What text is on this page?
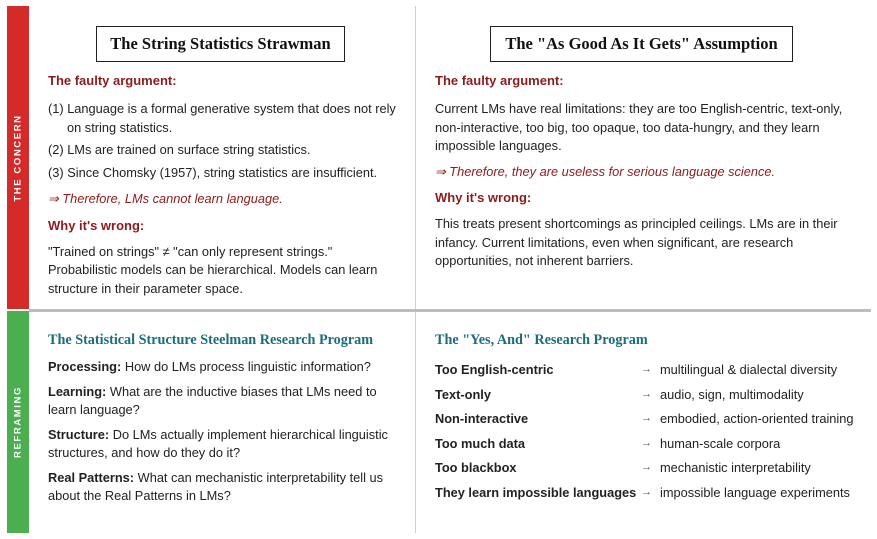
THE CONCERN
REFRAMING
The String Statistics Strawman

The faulty argument:

(1) Language is a formal generative system that does not rely on string statistics.

(2) LMs are trained on surface string statistics.

(3) Since Chomsky (1957), string statistics are insufficient.

⇒ Therefore, LMs cannot learn language.

Why it's wrong:

"Trained on strings" ≠ "can only represent strings." Probabilistic models can be hierarchical. Models can learn structure in their parameter space.

The "As Good As It Gets" Assumption

The faulty argument:

Current LMs have real limitations: they are too English-centric, text-only, non-interactive, too big, too opaque, too data-hungry, and they learn impossible languages.

⇒ Therefore, they are useless for serious language science.

Why it's wrong:

This treats present shortcomings as principled ceilings. LMs are in their infancy. Current limitations, even when significant, are research opportunities, not inherent barriers.

The Statistical Structure Steelman Research Program

Processing: How do LMs process linguistic information?

Learning: What are the inductive biases that LMs need to learn language?

Structure: Do LMs actually implement hierarchical linguistic structures, and how do they do it?

Real Patterns: What can mechanistic interpretability tell us about the Real Patterns in LMs?

The "Yes, And" Research Program

Too English-centric	→ multilingual & dialectal diversity
Text-only	→ audio, sign, multimodality
Non-interactive	→ embodied, action-oriented training
Too much data	→ human-scale corpora
Too blackbox	→ mechanistic interpretability
They learn impossible languages → impossible language experiments
